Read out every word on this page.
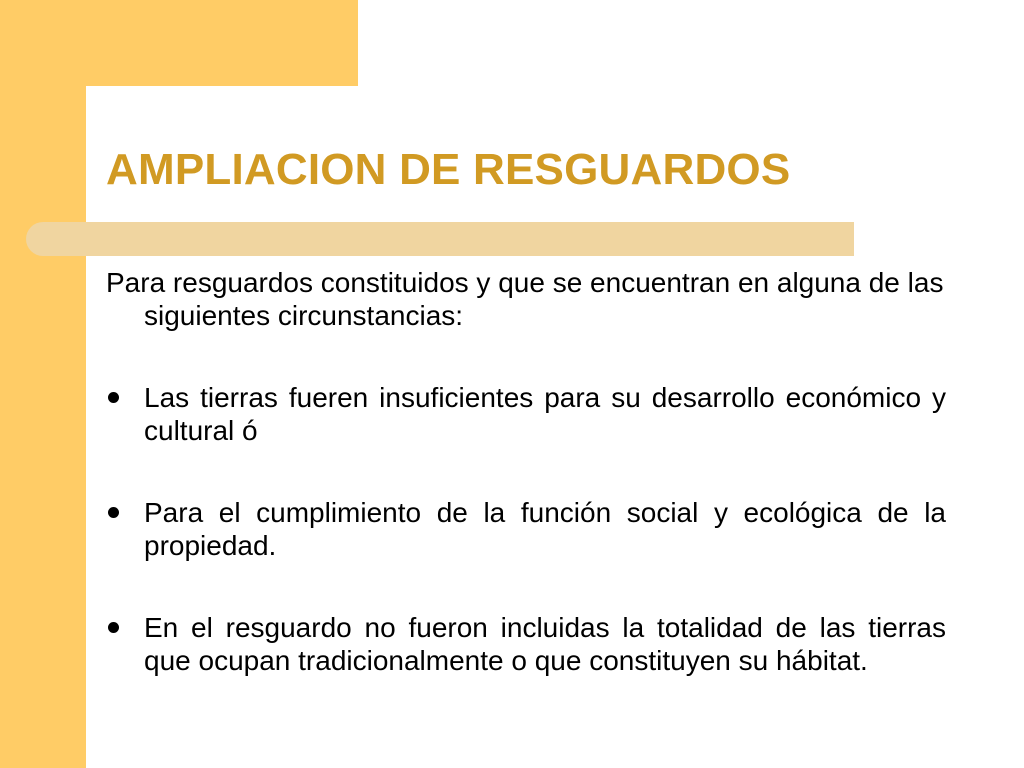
AMPLIACION DE RESGUARDOS

Para resguardos constituidos y que se encuentran en alguna de las siguientes circunstancias:

Las tierras fueren insuficientes para su desarrollo económico y cultural ó
Para el cumplimiento de la función social y ecológica de la propiedad.
En el resguardo no fueron incluidas la totalidad de las tierras que ocupan tradicionalmente o que constituyen su hábitat.
